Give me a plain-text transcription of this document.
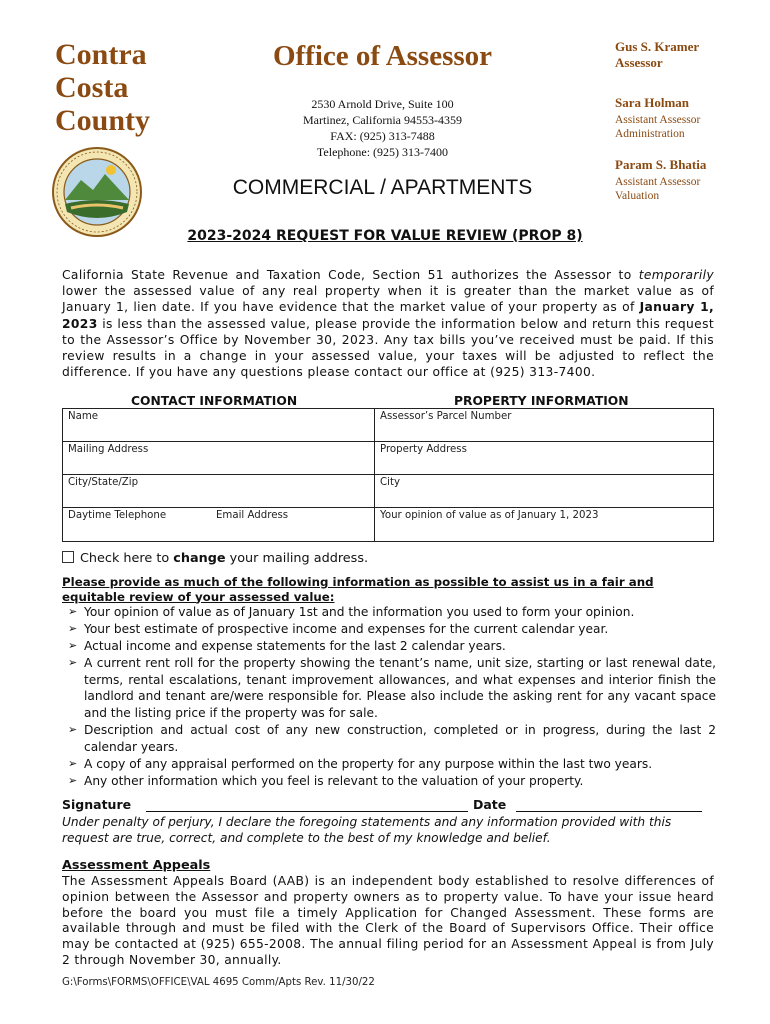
Contra
Costa
County
Office of Assessor
2530 Arnold Drive, Suite 100
Martinez, California 94553-4359
FAX: (925) 313-7488
Telephone: (925) 313-7400
COMMERCIAL / APARTMENTS
Gus S. Kramer
Assessor
Sara Holman
Assistant Assessor
Administration
Param S. Bhatia
Assistant Assessor
Valuation
2023-2024 REQUEST FOR VALUE REVIEW (PROP 8)
California State Revenue and Taxation Code, Section 51 authorizes the Assessor to temporarily lower the assessed value of any real property when it is greater than the market value as of January 1, lien date. If you have evidence that the market value of your property as of January 1, 2023 is less than the assessed value, please provide the information below and return this request to the Assessor’s Office by November 30, 2023. Any tax bills you’ve received must be paid. If this review results in a change in your assessed value, your taxes will be adjusted to reflect the difference. If you have any questions please contact our office at (925) 313-7400.
CONTACT INFORMATION	PROPERTY INFORMATION
Name	Assessor’s Parcel Number
Mailing Address	Property Address
City/State/Zip	City
Daytime Telephone	Email Address	Your opinion of value as of January 1, 2023
Check here to change your mailing address.
Please provide as much of the following information as possible to assist us in a fair and equitable review of your assessed value:
➢ Your opinion of value as of January 1st and the information you used to form your opinion.
➢ Your best estimate of prospective income and expenses for the current calendar year.
➢ Actual income and expense statements for the last 2 calendar years.
➢ A current rent roll for the property showing the tenant’s name, unit size, starting or last renewal date, terms, rental escalations, tenant improvement allowances, and what expenses and interior finish the landlord and tenant are/were responsible for. Please also include the asking rent for any vacant space and the listing price if the property was for sale.
➢ Description and actual cost of any new construction, completed or in progress, during the last 2 calendar years.
➢ A copy of any appraisal performed on the property for any purpose within the last two years.
➢ Any other information which you feel is relevant to the valuation of your property.
Signature	Date
Under penalty of perjury, I declare the foregoing statements and any information provided with this request are true, correct, and complete to the best of my knowledge and belief.
Assessment Appeals
The Assessment Appeals Board (AAB) is an independent body established to resolve differences of opinion between the Assessor and property owners as to property value. To have your issue heard before the board you must file a timely Application for Changed Assessment. These forms are available through and must be filed with the Clerk of the Board of Supervisors Office. Their office may be contacted at (925) 655-2008. The annual filing period for an Assessment Appeal is from July 2 through November 30, annually.
G:\Forms\FORMS\OFFICE\VAL 4695 Comm/Apts Rev. 11/30/22
